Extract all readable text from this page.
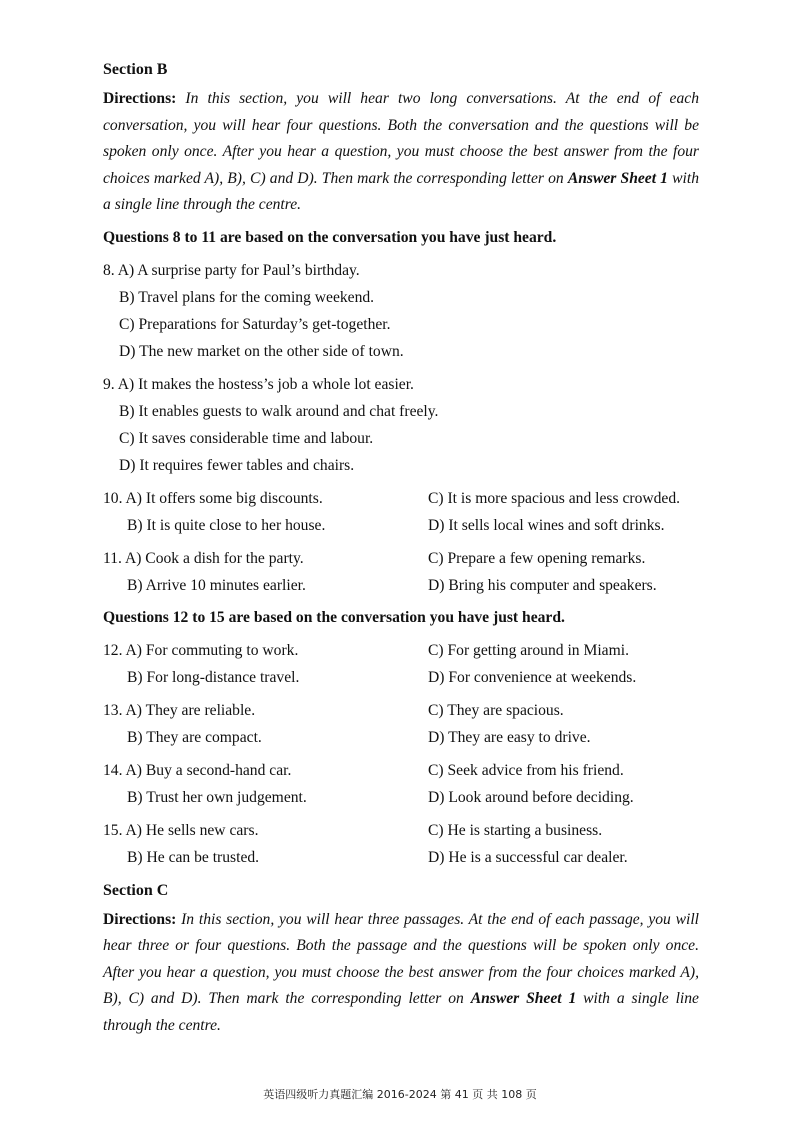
Section B
Directions: In this section, you will hear two long conversations. At the end of each conversation, you will hear four questions. Both the conversation and the questions will be spoken only once. After you hear a question, you must choose the best answer from the four choices marked A), B), C) and D). Then mark the corresponding letter on Answer Sheet 1 with a single line through the centre.
Questions 8 to 11 are based on the conversation you have just heard.
8. A) A surprise party for Paul’s birthday.
B) Travel plans for the coming weekend.
C) Preparations for Saturday’s get-together.
D) The new market on the other side of town.
9. A) It makes the hostess’s job a whole lot easier.
B) It enables guests to walk around and chat freely.
C) It saves considerable time and labour.
D) It requires fewer tables and chairs.
10. A) It offers some big discounts.	C) It is more spacious and less crowded.
B) It is quite close to her house.	D) It sells local wines and soft drinks.
11. A) Cook a dish for the party.	C) Prepare a few opening remarks.
B) Arrive 10 minutes earlier.	D) Bring his computer and speakers.
Questions 12 to 15 are based on the conversation you have just heard.
12. A) For commuting to work.	C) For getting around in Miami.
B) For long-distance travel.	D) For convenience at weekends.
13. A) They are reliable.	C) They are spacious.
B) They are compact.	D) They are easy to drive.
14. A) Buy a second-hand car.	C) Seek advice from his friend.
B) Trust her own judgement.	D) Look around before deciding.
15. A) He sells new cars.	C) He is starting a business.
B) He can be trusted.	D) He is a successful car dealer.
Section C
Directions: In this section, you will hear three passages. At the end of each passage, you will hear three or four questions. Both the passage and the questions will be spoken only once. After you hear a question, you must choose the best answer from the four choices marked A), B), C) and D). Then mark the corresponding letter on Answer Sheet 1 with a single line through the centre.
英语四级听力真题汇编 2016-2024 第 41 页 共 108 页
